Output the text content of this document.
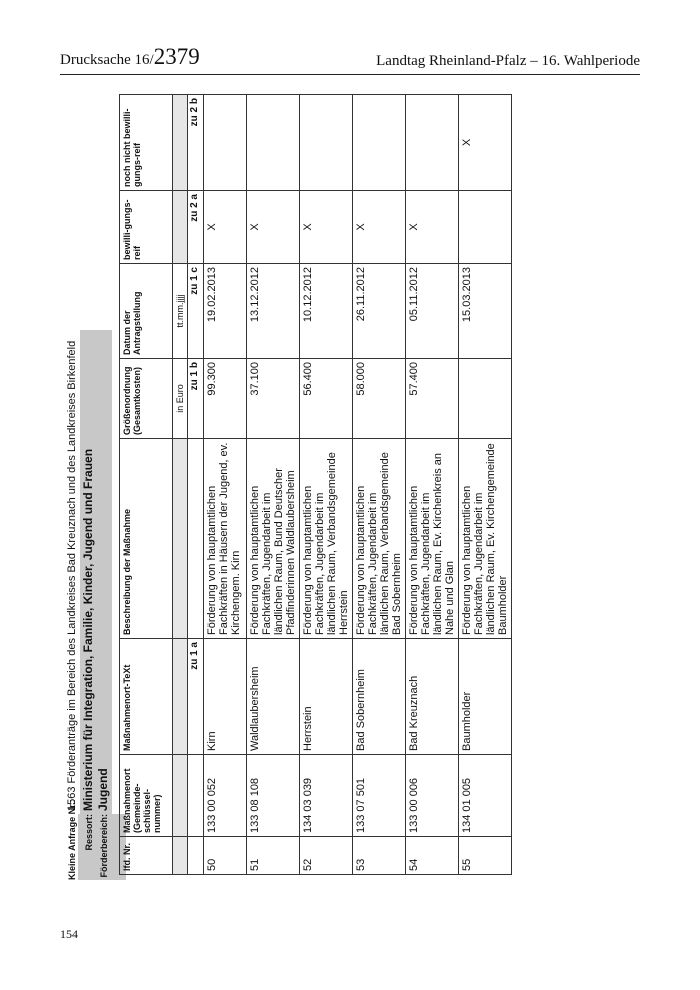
Drucksache 16/2379	Landtag Rheinland-Pfalz – 16. Wahlperiode
Kleine Anfrage Nr.:1563 Förderanträge im Bereich des Landkreises Bad Kreuznach und des Landkreises Birkenfeld
Ressort:Ministerium für Integration, Familie, Kinder, Jugend und Frauen
Förderbereich:Jugend
lfd. Nr.	Maßnahmenort (Gemeinde-schlüssel-nummer)	Maßnahmenort-TeXt	Beschreibung der Maßnahme	Größenordnung (Gesamtkosten)	Datum der Antragstellung	bewilli-gungs-reif	noch nicht bewilli-gungs-reif
				in Euro	tt.mm.jjjj		
		zu 1 a		zu 1 b	zu 1 c	zu 2 a	zu 2 b
50	133 00 052	Kirn	Förderung von hauptamtlichen Fachkräften in Häusern der Jugend, ev. Kirchengem. Kirn	99.300	19.02.2013	X	
51	133 08 108	Waldlaubersheim	Förderung von hauptamtlichen Fachkräften, Jugendarbeit im ländlichen Raum, Bund Deutscher Pfadfinderinnen Waldlaubersheim	37.100	13.12.2012	X	
52	134 03 039	Herrstein	Förderung von hauptamtlichen Fachkräften, Jugendarbeit im ländlichen Raum, Verbandsgemeinde Herrstein	56.400	10.12.2012	X	
53	133 07 501	Bad Sobernheim	Förderung von hauptamtlichen Fachkräften, Jugendarbeit im ländlichen Raum, Verbandsgemeinde Bad Sobernheim	58.000	26.11.2012	X	
54	133 00 006	Bad Kreuznach	Förderung von hauptamtlichen Fachkräften, Jugendarbeit im ländlichen Raum, Ev. Kirchenkreis an Nahe und Glan	57.400	05.11.2012	X	
55	134 01 005	Baumholder	Förderung von hauptamtlichen Fachkräften, Jugendarbeit im ländlichen Raum, Ev. Kirchengemeinde Baumholder		15.03.2013		X
154
